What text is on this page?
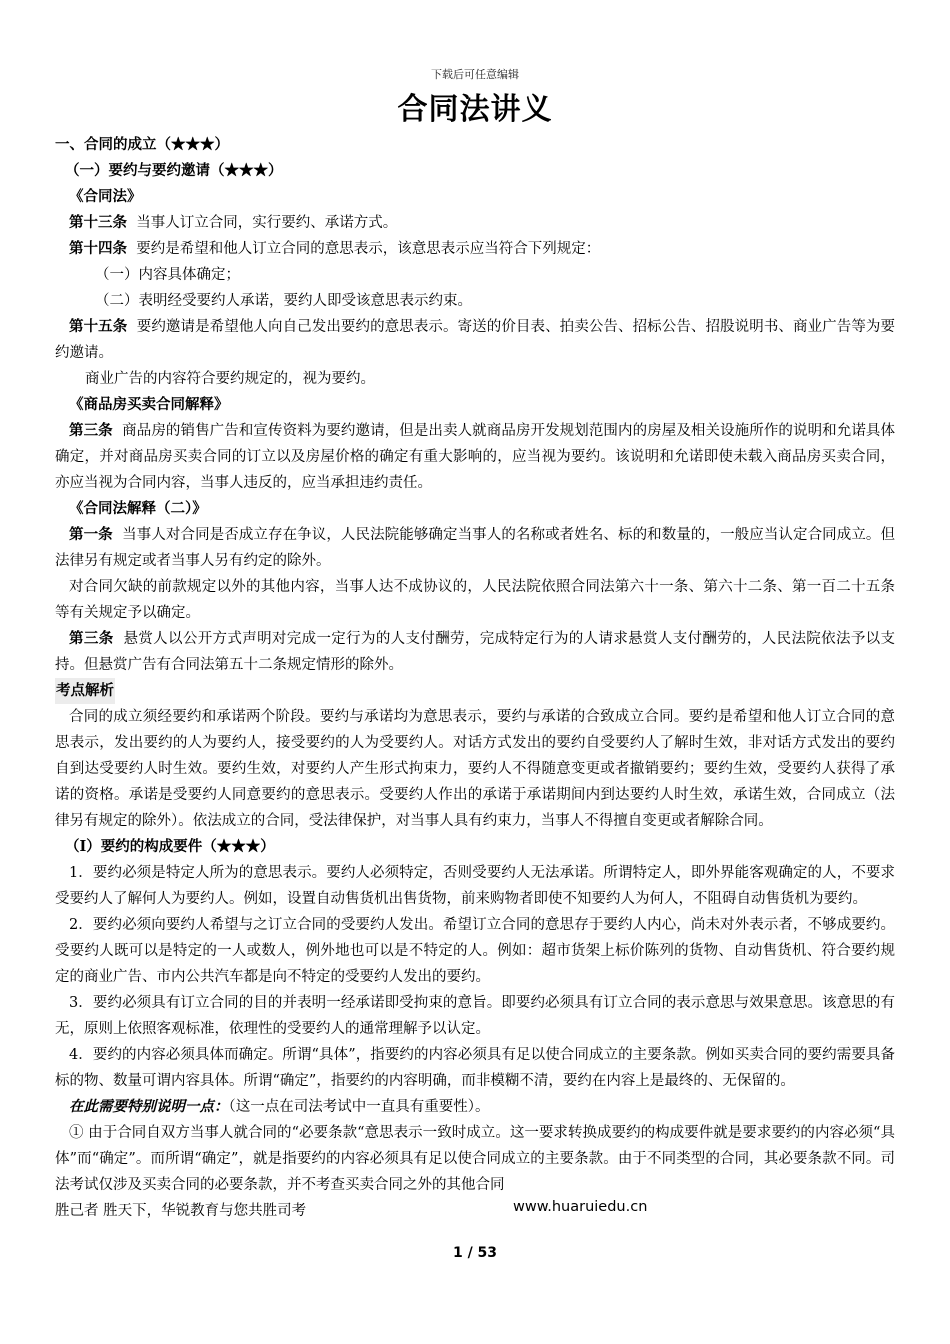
下载后可任意编辑
合同法讲义

一、合同的成立（★★★）

（一）要约与要约邀请（★★★）

《合同法》

第十三条 当事人订立合同，实行要约、承诺方式。

第十四条 要约是希望和他人订立合同的意思表示，该意思表示应当符合下列规定：

（一）内容具体确定；

（二）表明经受要约人承诺，要约人即受该意思表示约束。

第十五条 要约邀请是希望他人向自己发出要约的意思表示。寄送的价目表、拍卖公告、招标公告、招股说明书、商业广告等为要约邀请。

商业广告的内容符合要约规定的，视为要约。

《商品房买卖合同解释》

第三条 商品房的销售广告和宣传资料为要约邀请，但是出卖人就商品房开发规划范围内的房屋及相关设施所作的说明和允诺具体确定，并对商品房买卖合同的订立以及房屋价格的确定有重大影响的，应当视为要约。该说明和允诺即使未载入商品房买卖合同，亦应当视为合同内容，当事人违反的，应当承担违约责任。

《合同法解释（二）》

第一条 当事人对合同是否成立存在争议，人民法院能够确定当事人的名称或者姓名、标的和数量的，一般应当认定合同成立。但法律另有规定或者当事人另有约定的除外。

对合同欠缺的前款规定以外的其他内容，当事人达不成协议的，人民法院依照合同法第六十一条、第六十二条、第一百二十五条等有关规定予以确定。

第三条 悬赏人以公开方式声明对完成一定行为的人支付酬劳，完成特定行为的人请求悬赏人支付酬劳的，人民法院依法予以支持。但悬赏广告有合同法第五十二条规定情形的除外。

考点解析

合同的成立须经要约和承诺两个阶段。要约与承诺均为意思表示，要约与承诺的合致成立合同。要约是希望和他人订立合同的意思表示，发出要约的人为要约人，接受要约的人为受要约人。对话方式发出的要约自受要约人了解时生效，非对话方式发出的要约自到达受要约人时生效。要约生效，对要约人产生形式拘束力，要约人不得随意变更或者撤销要约；要约生效，受要约人获得了承诺的资格。承诺是受要约人同意要约的意思表示。受要约人作出的承诺于承诺期间内到达要约人时生效，承诺生效，合同成立（法律另有规定的除外）。依法成立的合同，受法律保护，对当事人具有约束力，当事人不得擅自变更或者解除合同。

（Ⅰ）要约的构成要件（★★★）

1．要约必须是特定人所为的意思表示。要约人必须特定，否则受要约人无法承诺。所谓特定人，即外界能客观确定的人，不要求受要约人了解何人为要约人。例如，设置自动售货机出售货物，前来购物者即使不知要约人为何人，不阻碍自动售货机为要约。

2．要约必须向要约人希望与之订立合同的受要约人发出。希望订立合同的意思存于要约人内心，尚未对外表示者，不够成要约。受要约人既可以是特定的一人或数人，例外地也可以是不特定的人。例如：超市货架上标价陈列的货物、自动售货机、符合要约规定的商业广告、市内公共汽车都是向不特定的受要约人发出的要约。

3．要约必须具有订立合同的目的并表明一经承诺即受拘束的意旨。即要约必须具有订立合同的表示意思与效果意思。该意思的有无，原则上依照客观标准，依理性的受要约人的通常理解予以认定。

4．要约的内容必须具体而确定。所谓“具体”，指要约的内容必须具有足以使合同成立的主要条款。例如买卖合同的要约需要具备标的物、数量可谓内容具体。所谓“确定”，指要约的内容明确，而非模糊不清，要约在内容上是最终的、无保留的。

在此需要特别说明一点：（这一点在司法考试中一直具有重要性）。

① 由于合同自双方当事人就合同的“必要条款“意思表示一致时成立。这一要求转换成要约的构成要件就是要求要约的内容必须“具体”而“确定”。而所谓“确定”，就是指要约的内容必须具有足以使合同成立的主要条款。由于不同类型的合同，其必要条款不同。司法考试仅涉及买卖合同的必要条款，并不考查买卖合同之外的其他合同

胜己者 胜天下，华锐教育与您共胜司考	www.huaruiedu.cn
1 / 53
